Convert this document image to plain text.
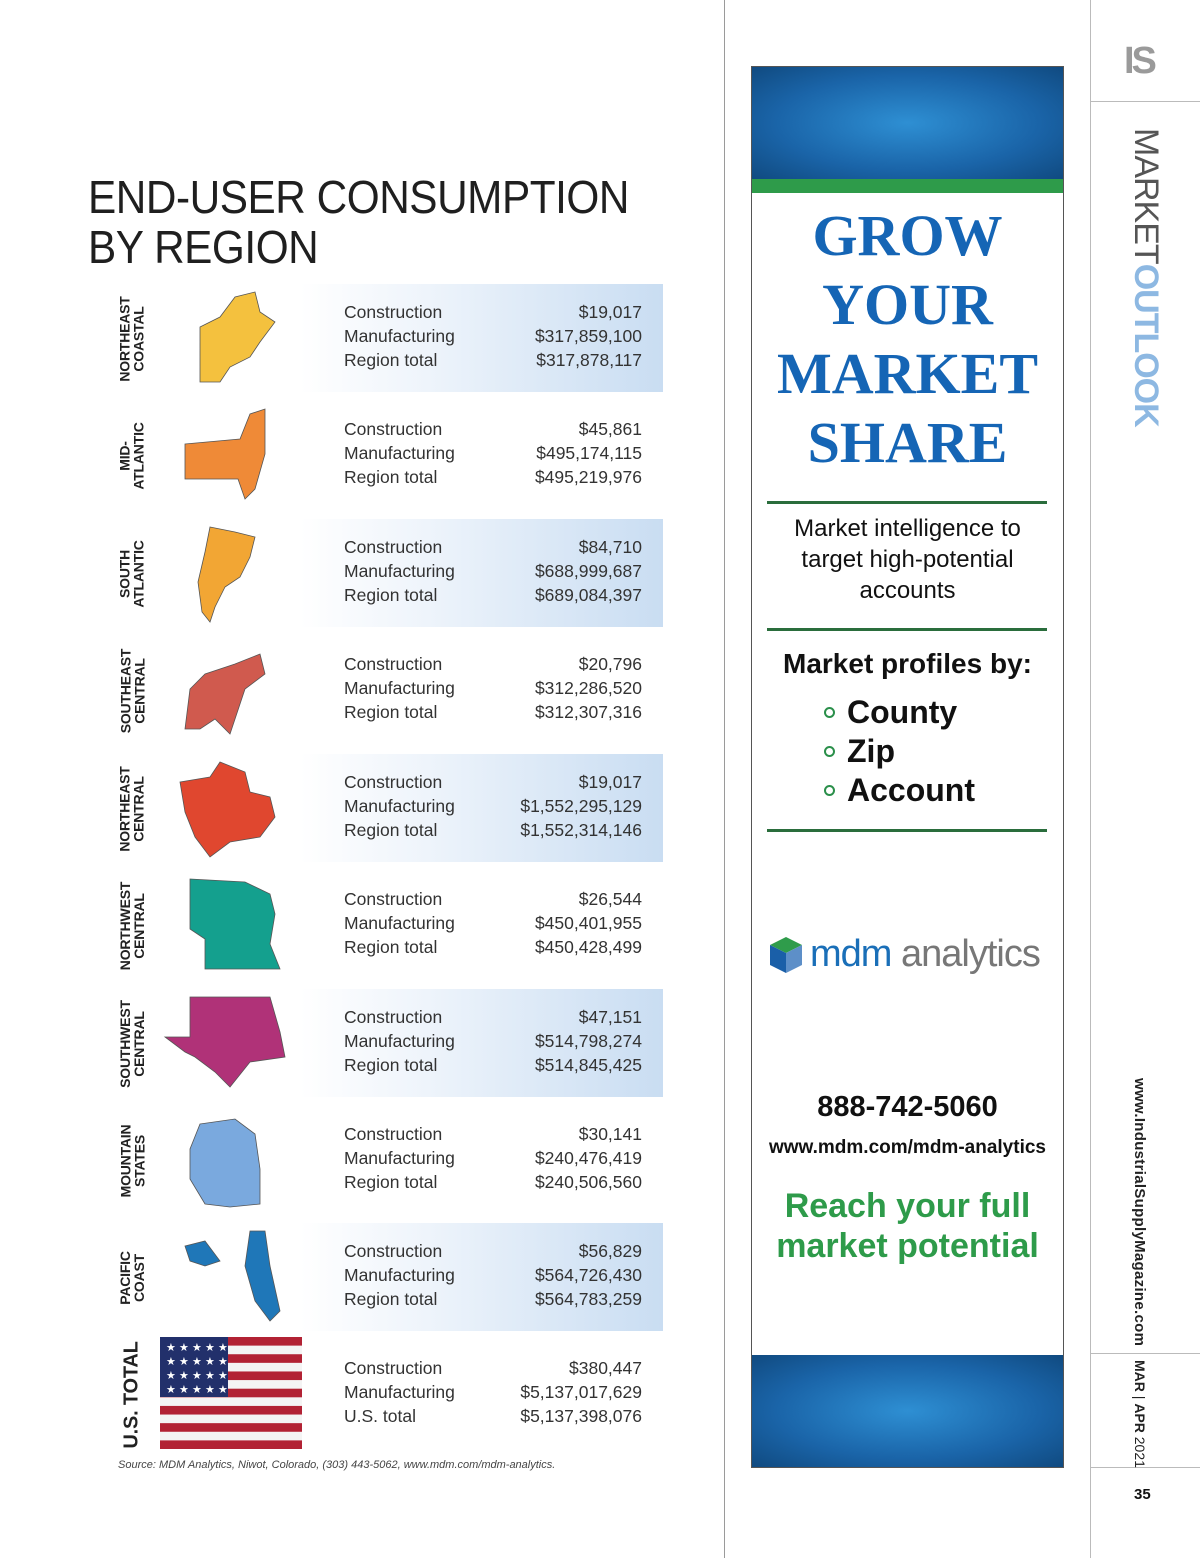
END-USER CONSUMPTION
BY REGION
NORTHEAST
COASTAL	Construction	$19,017
Manufacturing	$317,859,100
Region total	$317,878,117
MID-
ATLANTIC	Construction	$45,861
Manufacturing	$495,174,115
Region total	$495,219,976
SOUTH
ATLANTIC	Construction	$84,710
Manufacturing	$688,999,687
Region total	$689,084,397
SOUTHEAST
CENTRAL	Construction	$20,796
Manufacturing	$312,286,520
Region total	$312,307,316
NORTHEAST
CENTRAL	Construction	$19,017
Manufacturing	$1,552,295,129
Region total	$1,552,314,146
NORTHWEST
CENTRAL	Construction	$26,544
Manufacturing	$450,401,955
Region total	$450,428,499
SOUTHWEST
CENTRAL	Construction	$47,151
Manufacturing	$514,798,274
Region total	$514,845,425
MOUNTAIN
STATES
Construction	$30,141
Manufacturing	$240,476,419
Region total	$240,506,560
PACIFIC
COAST
Construction	$56,829
Manufacturing	$564,726,430
Region total	$564,783,259
U.S. TOTAL ★ ★ ★ ★ ★
★ ★ ★ ★ ★
★ ★ ★ ★ ★
★ ★ ★ ★ ★
Construction	$380,447
Manufacturing	$5,137,017,629
U.S. total	$5,137,398,076
Source: MDM Analytics, Niwot, Colorado, (303) 443-5062, www.mdm.com/mdm-analytics.
GROW
YOUR
MARKET
SHARE
Market intelligence to
target high-potential
accounts
Market profiles by:
County
Zip
Account
mdm analytics
888-742-5060
www.mdm.com/mdm-analytics
Reach your full
market potential
IS
MARKETOUTLOOK
www.IndustrialSupplyMagazine.com
MAR | APR 2021
35
